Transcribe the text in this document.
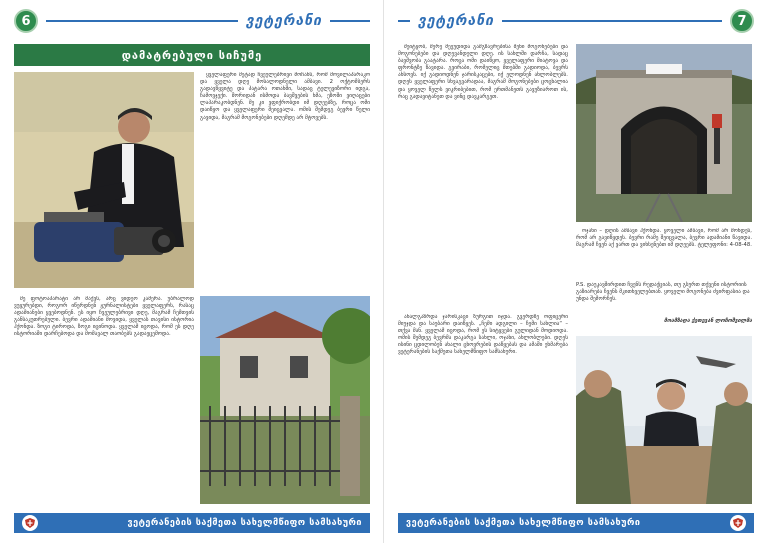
6	ვეტერანი
დამატრებული სიჩუმე

ყველაფერი მეტად ჩვეულებრივი მოჩანს, რომ მოვილაპარაკო და ყველა დღე მოსალოდნელი ამბავი. 2 ოქტომბერს გადავწყვიტე და პატარა ოთახში, სადაც ტელევიზორი იდგა, ჩამოვჯექი. შორიდან ისმოდა ბავშვების ხმა, ეზოში ვიღაცები ლაპარაკობდნენ. მე კი ვფიქრობდი იმ დღეებზე, როცა ომი დაიწყო და ყველაფერი შეიცვალა. ომის შემდეგ ბევრი წელი გავიდა, მაგრამ მოგონებები დღემდე არ მტოვებს.

მე ფოტოაპარატი არ მაქვს, არც ვიდეო კამერა. უბრალოდ ვუყურებდი, როგორ იწერდნენ ჟურნალისტები ყველაფერს, რასაც ადამიანები ყვებოდნენ. ეს იყო ჩვეულებრივი დღე, მაგრამ ჩემთვის განსაკუთრებული. ბევრი ადამიანი მოვიდა, ყველას თავისი ისტორია ჰქონდა. ზოგი ტიროდა, ზოგი იცინოდა. ყველამ იცოდა, რომ ეს დღე ისტორიაში დარჩებოდა და მომავალ თაობებს გადაეცემოდა.

ვეტერანების საქმეთა სახელმწიფო სამსახური
ვეტერანი	7

შეიტყობ, მერე მეეუდიდა გამგზავრებისა შენი მოგონებები და მოგონებები და დღევანდელი დღე. ის სახლში დარჩა, სადაც ბავშვობა გაატარა. როცა ომი დაიწყო, ყველაფერი მიატოვა და ფრონტზე წავიდა. გვირაბი, რომელიც მთებში გადიოდა, ბევრს ახსოვს. იქ გადიოდნენ ჯარისკაცები, იქ ელოდნენ ახლობლებს. დღეს ყველაფერი სხვაგვარადაა, მაგრამ მოგონებები ცოცხალია და ყოველ წელს ვიკრიბებით, რომ ერთმანეთს გავუზიაროთ ის, რაც გადავიტანეთ და ვინც დავკარგეთ.

ოჯახი – დღის ამბავი ჰქონდა. ყოველი ამბავი, რომ არ მოხდეს, რომ არ გავიწყდეს. ბევრი რამე შეიცვალა, ბევრი ადამიანი წავიდა. მაგრამ ჩვენ აქ ვართ და ვიხსენებთ იმ დღეებს. ტელეფონი: 4-08-48.

P.S. დაუკავშირდით ჩვენს რედაქციას, თუ გსურთ თქვენი ისტორიის გაზიარება ჩვენს მკითხველებთან. ყოველი მოგონება ძვირფასია და უნდა შემორჩეს.
მოამზადა ქეთევან ლოჩოშვილმა

ახალგაზრდა ჯარისკაცი ზურგით იჯდა. გვერდზე ოფიცერი მიუჯდა და საუბარი დაიწყეს. „ჩემი ადგილი – ჩემი სახლია“ – თქვა მან. ყველამ იცოდა, რომ ეს სიტყვები გულიდან მოდიოდა. ომის შემდეგ ბევრმა დაკარგა სახლი, ოჯახი, ახლობლები. დღეს ისინი ცდილობენ ახალი ცხოვრების დაწყებას და ამაში ეხმარება ვეტერანების საქმეთა სახელმწიფო სამსახური.

ვეტერანების საქმეთა სახელმწიფო სამსახური
